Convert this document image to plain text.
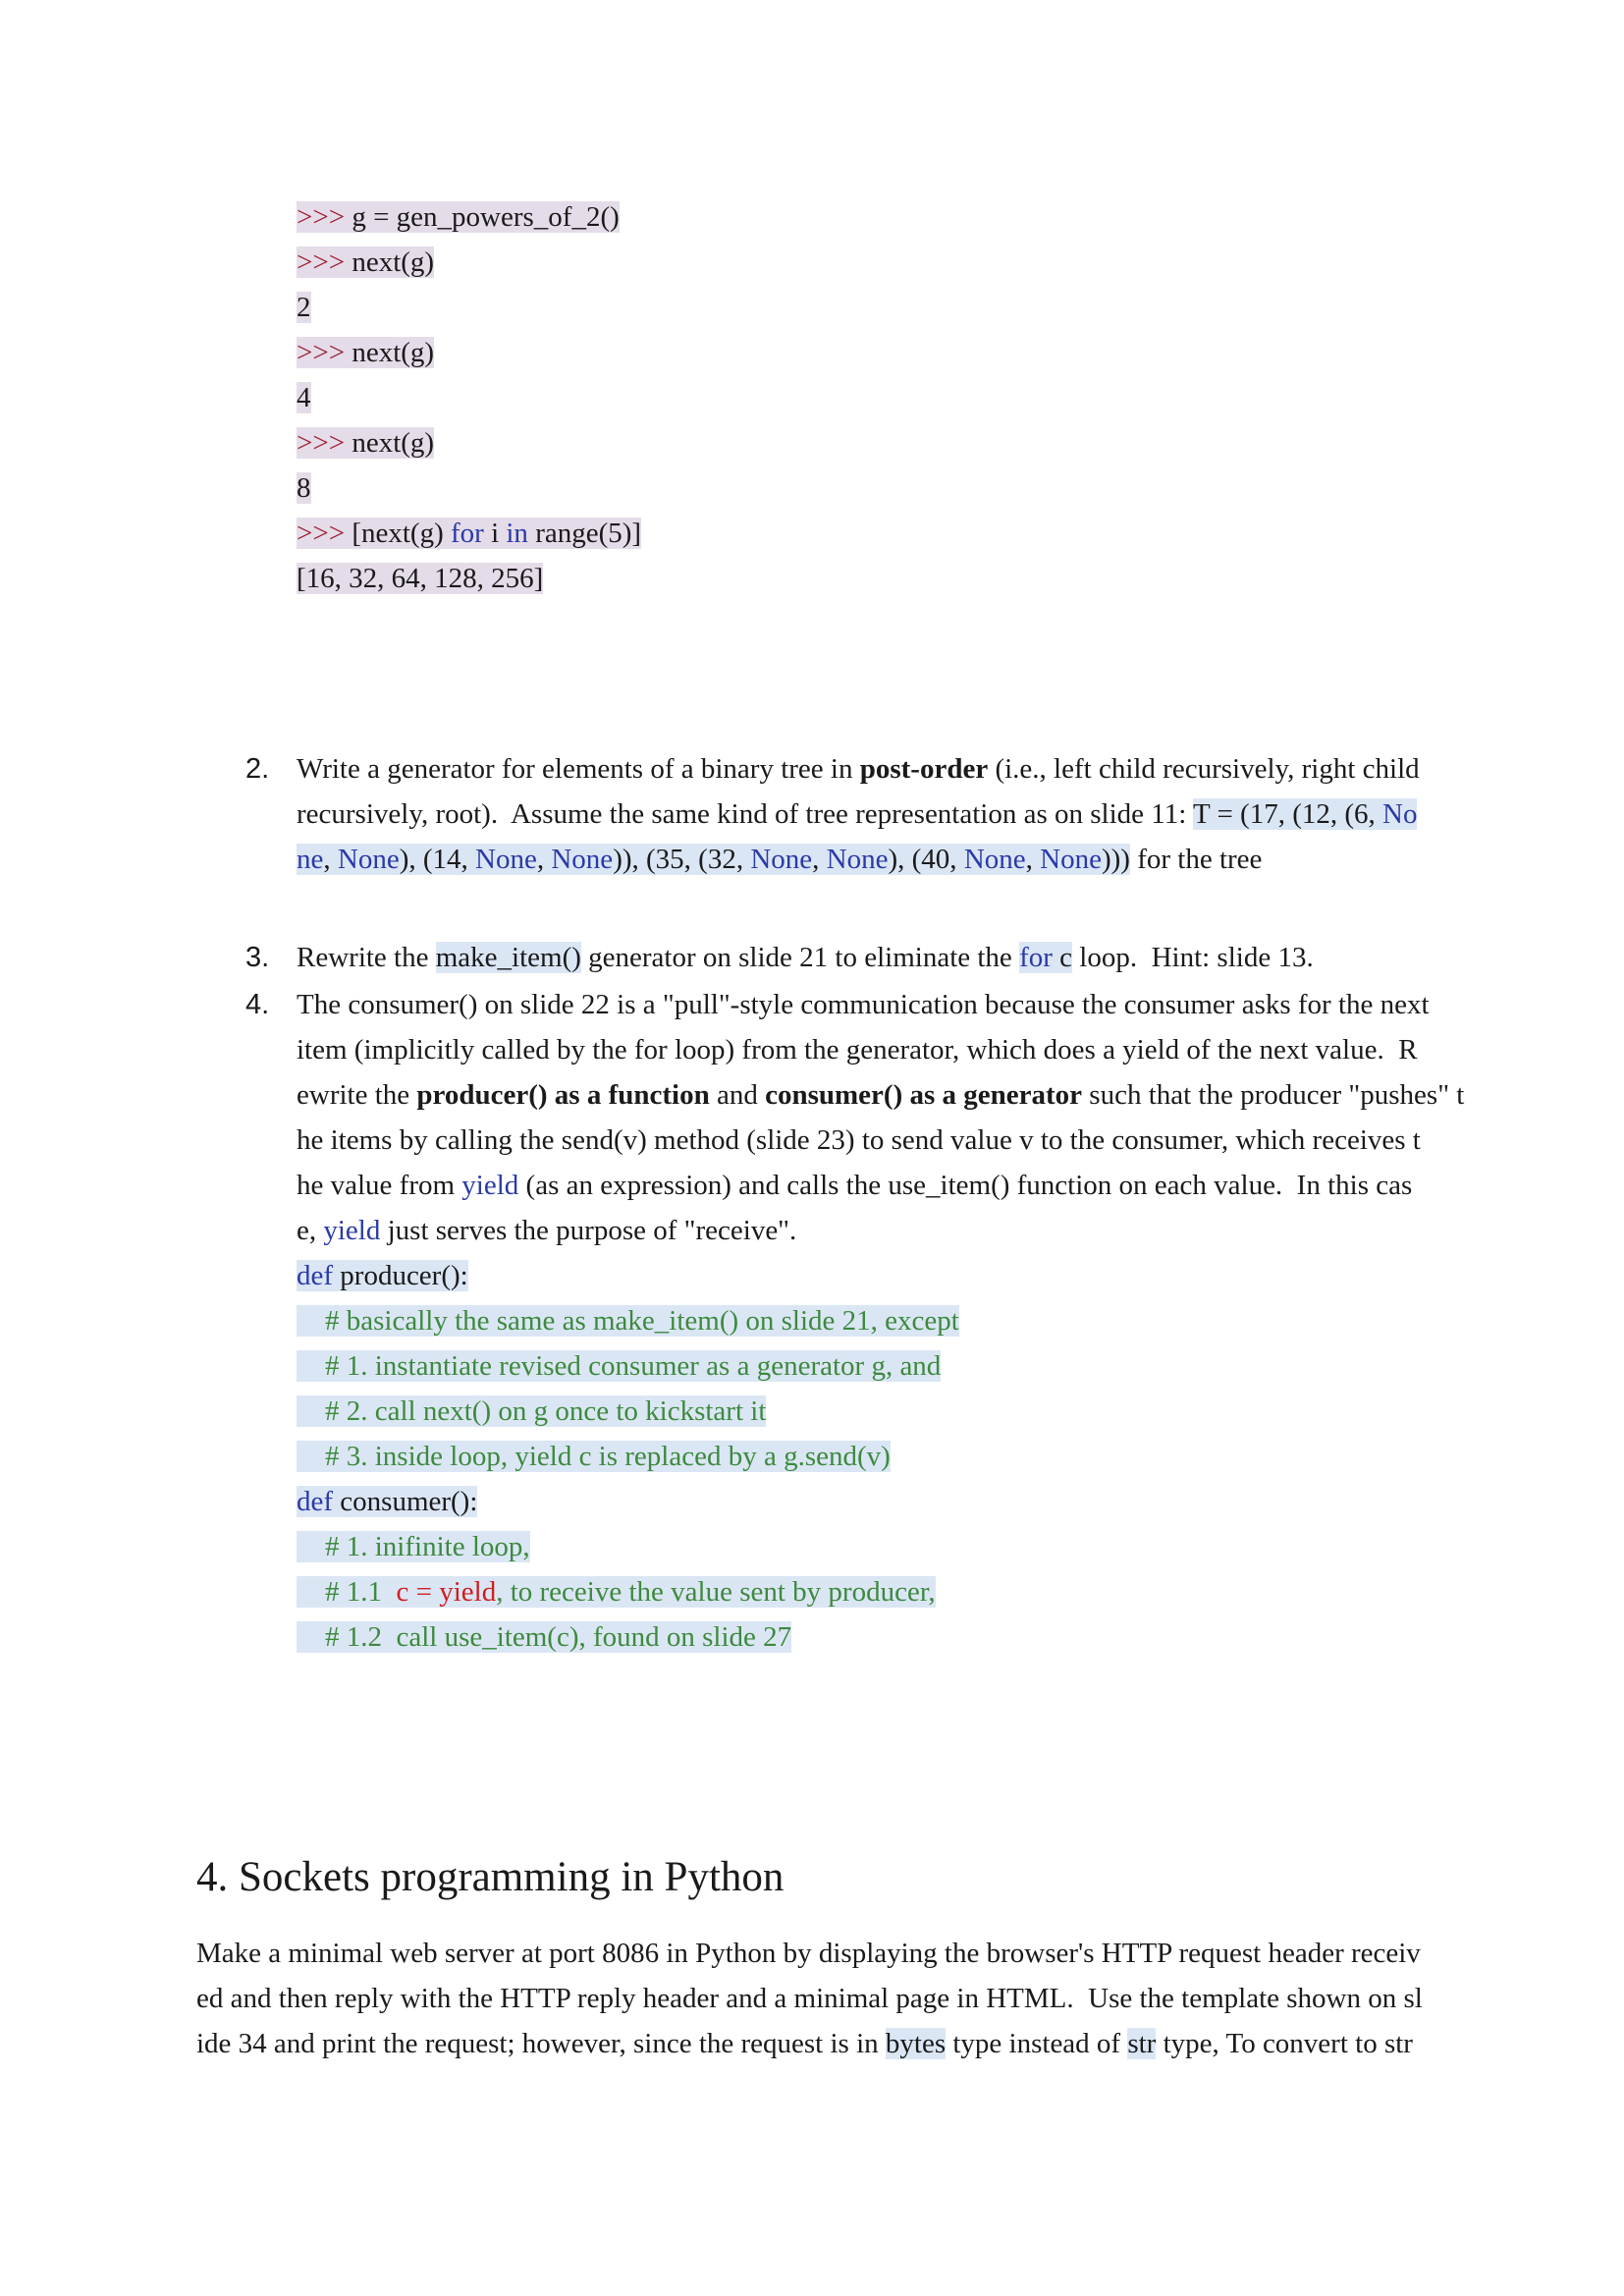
>>> g = gen_powers_of_2()
>>> next(g)
2
>>> next(g)
4
>>> next(g)
8
>>> [next(g) for i in range(5)]
[16, 32, 64, 128, 256]
2. Write a generator for elements of a binary tree in post-order (i.e., left child recursively, right child
recursively, root).  Assume the same kind of tree representation as on slide 11: T = (17, (12, (6, No
ne, None), (14, None, None)), (35, (32, None, None), (40, None, None))) for the tree
3. Rewrite the make_item() generator on slide 21 to eliminate the for c loop.  Hint: slide 13.
4. The consumer() on slide 22 is a "pull"-style communication because the consumer asks for the next
item (implicitly called by the for loop) from the generator, which does a yield of the next value.  R
ewrite the producer() as a function and consumer() as a generator such that the producer "pushes" t
he items by calling the send(v) method (slide 23) to send value v to the consumer, which receives t
he value from yield (as an expression) and calls the use_item() function on each value.  In this cas
e, yield just serves the purpose of "receive".
def producer():
# basically the same as make_item() on slide 21, except
# 1. instantiate revised consumer as a generator g, and
# 2. call next() on g once to kickstart it
# 3. inside loop, yield c is replaced by a g.send(v)
def consumer():
# 1. inifinite loop,
# 1.1  c = yield, to receive the value sent by producer,
# 1.2  call use_item(c), found on slide 27
4. Sockets programming in Python
Make a minimal web server at port 8086 in Python by displaying the browser's HTTP request header receiv
ed and then reply with the HTTP reply header and a minimal page in HTML.  Use the template shown on sl
ide 34 and print the request; however, since the request is in bytes type instead of str type, To convert to str
